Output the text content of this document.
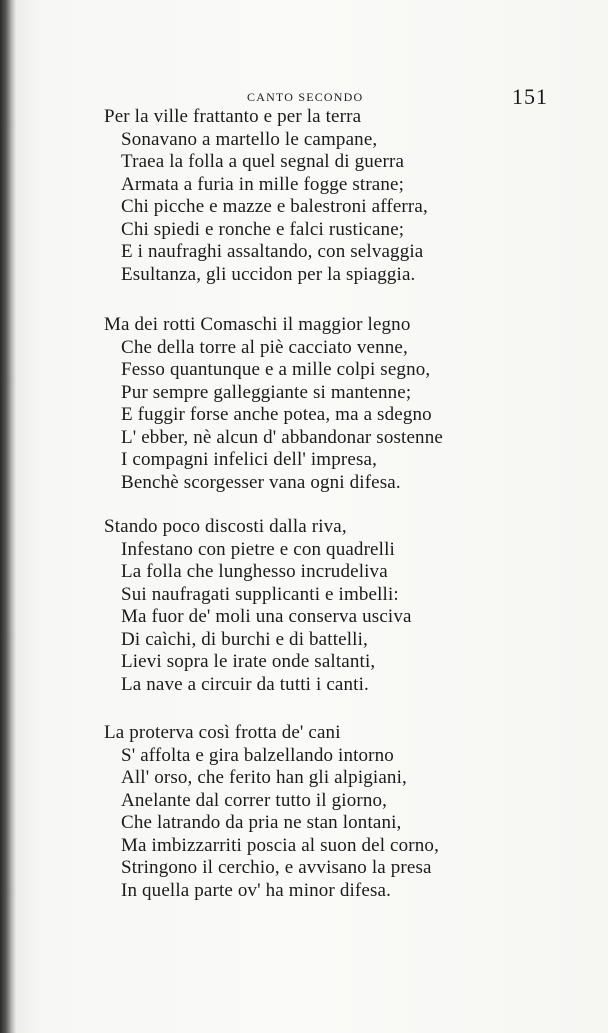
CANTO SECONDO	151
Per la ville frattanto e per la terra
Sonavano a martello le campane,
Traea la folla a quel segnal di guerra
Armata a furia in mille fogge strane;
Chi picche e mazze e balestroni afferra,
Chi spiedi e ronche e falci rusticane;
E i naufraghi assaltando, con selvaggia
Esultanza, gli uccidon per la spiaggia.
Ma dei rotti Comaschi il maggior legno
Che della torre al piè cacciato venne,
Fesso quantunque e a mille colpi segno,
Pur sempre galleggiante si mantenne;
E fuggir forse anche potea, ma a sdegno
L' ebber, nè alcun d' abbandonar sostenne
I compagni infelici dell' impresa,
Benchè scorgesser vana ogni difesa.
Stando poco discosti dalla riva,
Infestano con pietre e con quadrelli
La folla che lunghesso incrudeliva
Sui naufragati supplicanti e imbelli:
Ma fuor de' moli una conserva usciva
Di caìchi, di burchi e di battelli,
Lievi sopra le irate onde saltanti,
La nave a circuir da tutti i canti.
La proterva così frotta de' cani
S' affolta e gira balzellando intorno
All' orso, che ferito han gli alpigiani,
Anelante dal correr tutto il giorno,
Che latrando da pria ne stan lontani,
Ma imbizzarriti poscia al suon del corno,
Stringono il cerchio, e avvisano la presa
In quella parte ov' ha minor difesa.
